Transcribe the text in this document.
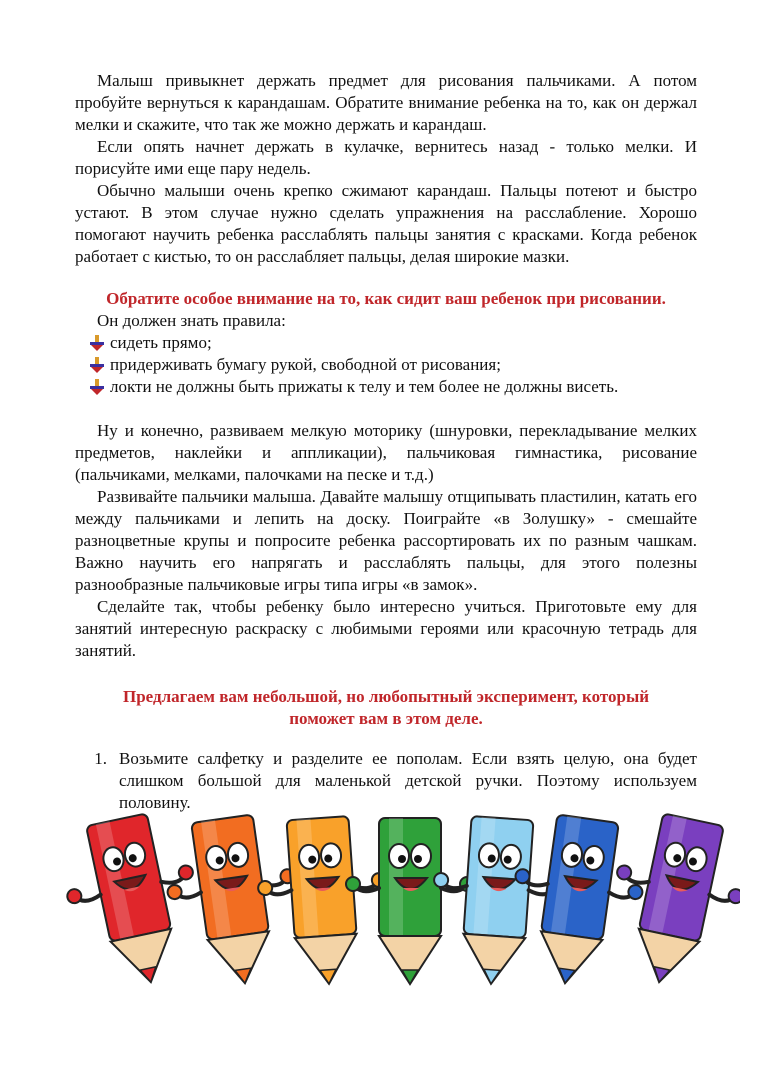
Малыш привыкнет держать предмет для рисования пальчиками. А потом пробуйте вернуться к карандашам. Обратите внимание ребенка на то, как он держал мелки и скажите, что так же можно держать и карандаш.

Если опять начнет держать в кулачке, вернитесь назад - только мелки. И порисуйте ими еще пару недель.

Обычно малыши очень крепко сжимают карандаш. Пальцы потеют и быстро устают. В этом случае нужно сделать упражнения на расслабление. Хорошо помогают научить ребенка расслаблять пальцы занятия с красками. Когда ребенок работает с кистью, то он расслабляет пальцы, делая широкие мазки.

Обратите особое внимание на то, как сидит ваш ребенок при рисовании.

Он должен знать правила:

сидеть прямо;
придерживать бумагу рукой, свободной от рисования;
локти не должны быть прижаты к телу и тем более не должны висеть.

Ну и конечно, развиваем мелкую моторику (шнуровки, перекладывание мелких предметов, наклейки и аппликации), пальчиковая гимнастика, рисование (пальчиками, мелками, палочками на песке и т.д.)

Развивайте пальчики малыша. Давайте малышу отщипывать пластилин, катать его между пальчиками и лепить на доску. Поиграйте «в Золушку» - смешайте разноцветные крупы и попросите ребенка рассортировать их по разным чашкам. Важно научить его напрягать и расслаблять пальцы, для этого полезны разнообразные пальчиковые игры типа игры «в замок».

Сделайте так, чтобы ребенку было интересно учиться. Приготовьте ему для занятий интересную раскраску с любимыми героями или красочную тетрадь для занятий.

Предлагаем вам небольшой, но любопытный эксперимент, который

поможет вам в этом деле.

1. Возьмите салфетку и разделите ее пополам. Если взять целую, она будет слишком большой для маленькой детской ручки. Поэтому используем половину.
